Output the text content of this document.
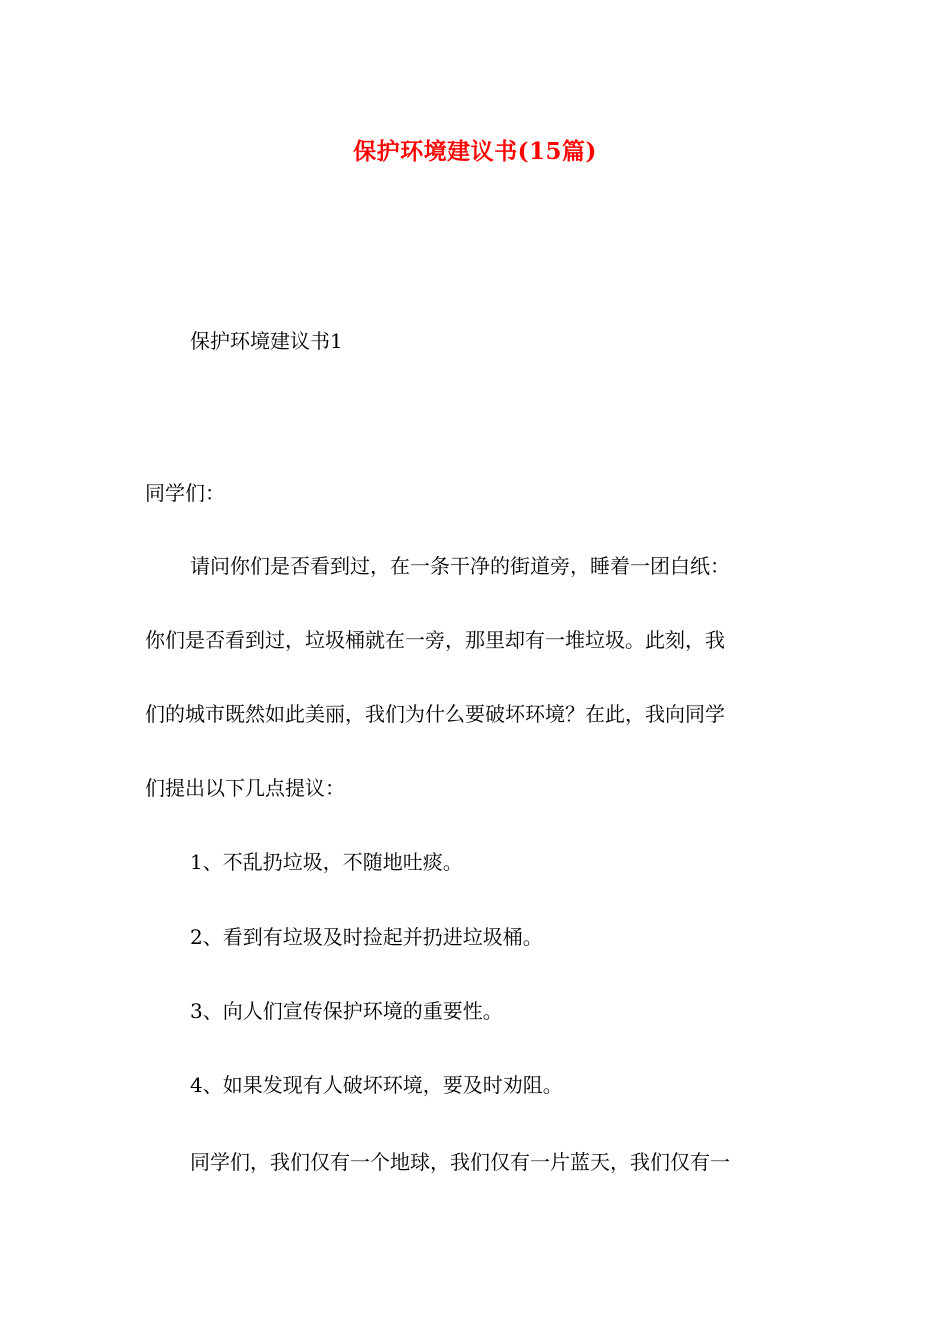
保护环境建议书(15篇)
保护环境建议书1
同学们：
请问你们是否看到过，在一条干净的街道旁，睡着一团白纸：
你们是否看到过，垃圾桶就在一旁，那里却有一堆垃圾。此刻，我
们的城市既然如此美丽，我们为什么要破坏环境？在此，我向同学
们提出以下几点提议：
1、不乱扔垃圾，不随地吐痰。
2、看到有垃圾及时捡起并扔进垃圾桶。
3、向人们宣传保护环境的重要性。
4、如果发现有人破坏环境，要及时劝阻。
同学们，我们仅有一个地球，我们仅有一片蓝天，我们仅有一
